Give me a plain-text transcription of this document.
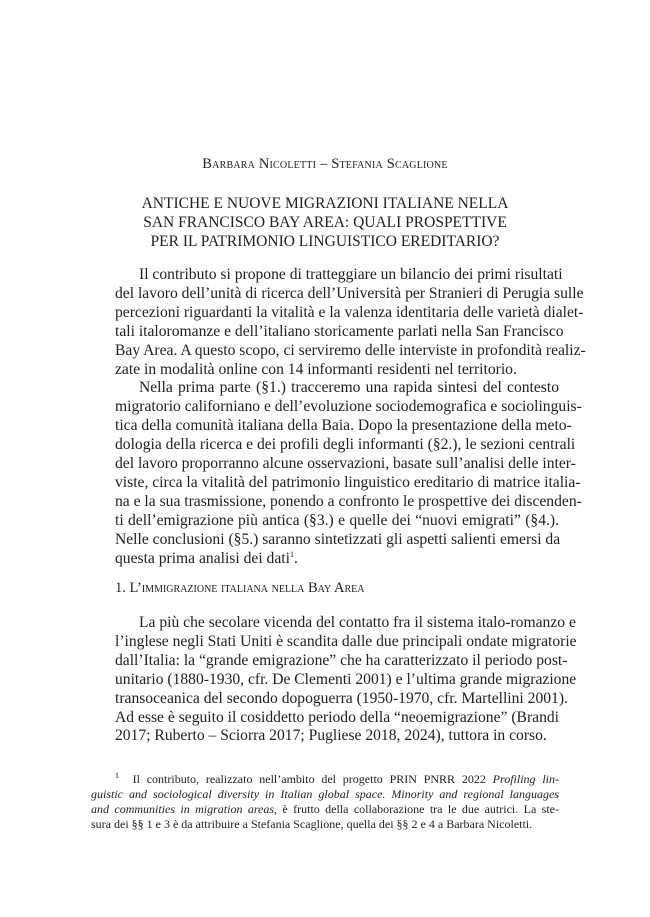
Barbara Nicoletti – Stefania Scaglione
ANTICHE E NUOVE MIGRAZIONI ITALIANE NELLA
SAN FRANCISCO BAY AREA: QUALI PROSPETTIVE
PER IL PATRIMONIO LINGUISTICO EREDITARIO?
Il contributo si propone di tratteggiare un bilancio dei primi risultati
del lavoro dell’unità di ricerca dell’Università per Stranieri di Perugia sulle
percezioni riguardanti la vitalità e la valenza identitaria delle varietà dialet-
tali italoromanze e dell’italiano storicamente parlati nella San Francisco
Bay Area. A questo scopo, ci serviremo delle interviste in profondità realiz-
zate in modalità online con 14 informanti residenti nel territorio.
Nella prima parte (§1.) tracceremo una rapida sintesi del contesto
migratorio californiano e dell’evoluzione sociodemografica e sociolinguis-
tica della comunità italiana della Baia. Dopo la presentazione della meto-
dologia della ricerca e dei profili degli informanti (§2.), le sezioni centrali
del lavoro proporranno alcune osservazioni, basate sull’analisi delle inter-
viste, circa la vitalità del patrimonio linguistico ereditario di matrice italia-
na e la sua trasmissione, ponendo a confronto le prospettive dei discenden-
ti dell’emigrazione più antica (§3.) e quelle dei “nuovi emigrati” (§4.).
Nelle conclusioni (§5.) saranno sintetizzati gli aspetti salienti emersi da
questa prima analisi dei dati$^1$.
1. L’immigrazione italiana nella Bay Area
La più che secolare vicenda del contatto fra il sistema italo-romanzo e
l’inglese negli Stati Uniti è scandita dalle due principali ondate migratorie
dall’Italia: la “grande emigrazione” che ha caratterizzato il periodo post-
unitario (1880-1930, cfr. De Clementi 2001) e l’ultima grande migrazione
transoceanica del secondo dopoguerra (1950-1970, cfr. Martellini 2001).
Ad esse è seguito il cosiddetto periodo della “neoemigrazione” (Brandi
2017; Ruberto – Sciorra 2017; Pugliese 2018, 2024), tuttora in corso.
$^1$ Il contributo, realizzato nell’ambito del progetto PRIN PNRR 2022 Profiling lin-
guistic and sociological diversity in Italian global space. Minority and regional languages
and communities in migration areas, è frutto della collaborazione tra le due autrici. La ste-
sura dei §§ 1 e 3 è da attribuire a Stefania Scaglione, quella dei §§ 2 e 4 a Barbara Nicoletti.
